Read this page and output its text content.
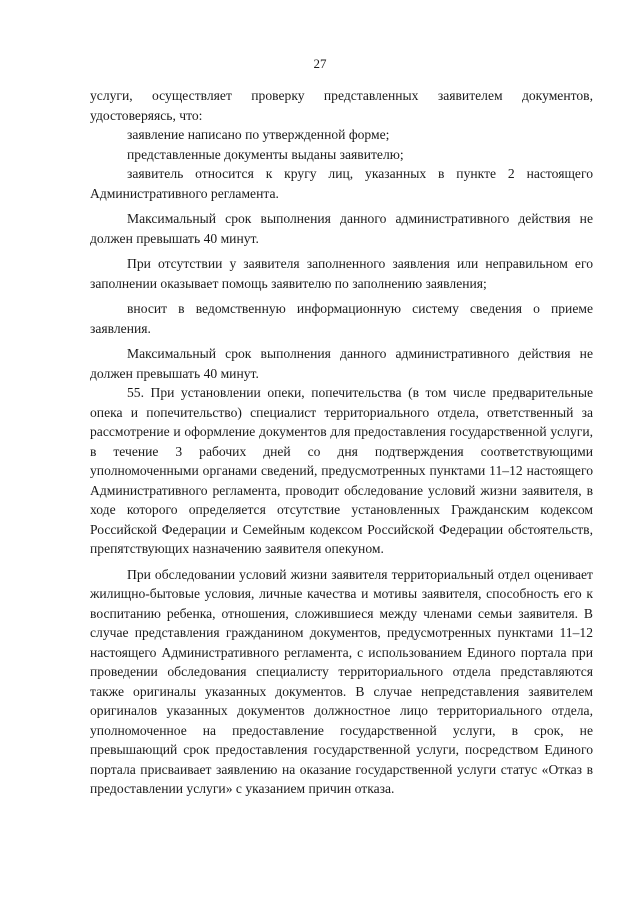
27

услуги, осуществляет проверку представленных заявителем документов, удостоверяясь, что:

заявление написано по утвержденной форме;

представленные документы выданы заявителю;

заявитель относится к кругу лиц, указанных в пункте 2 настоящего Административного регламента.

Максимальный срок выполнения данного административного действия не должен превышать 40 минут.

При отсутствии у заявителя заполненного заявления или неправильном его заполнении оказывает помощь заявителю по заполнению заявления;

вносит в ведомственную информационную систему сведения о приеме заявления.

Максимальный срок выполнения данного административного действия не должен превышать 40 минут.

55. При установлении опеки, попечительства (в том числе предварительные опека и попечительство) специалист территориального отдела, ответственный за рассмотрение и оформление документов для предоставления государственной услуги, в течение 3 рабочих дней со дня подтверждения соответствующими уполномоченными органами сведений, предусмотренных пунктами 11–12 настоящего Административного регламента, проводит обследование условий жизни заявителя, в ходе которого определяется отсутствие установленных Гражданским кодексом Российской Федерации и Семейным кодексом Российской Федерации обстоятельств, препятствующих назначению заявителя опекуном.

При обследовании условий жизни заявителя территориальный отдел оценивает жилищно-бытовые условия, личные качества и мотивы заявителя, способность его к воспитанию ребенка, отношения, сложившиеся между членами семьи заявителя. В случае представления гражданином документов, предусмотренных пунктами 11–12 настоящего Административного регламента, с использованием Единого портала при проведении обследования специалисту территориального отдела представляются также оригиналы указанных документов. В случае непредставления заявителем оригиналов указанных документов должностное лицо территориального отдела, уполномоченное на предоставление государственной услуги, в срок, не превышающий срок предоставления государственной услуги, посредством Единого портала присваивает заявлению на оказание государственной услуги статус «Отказ в предоставлении услуги» с указанием причин отказа.
